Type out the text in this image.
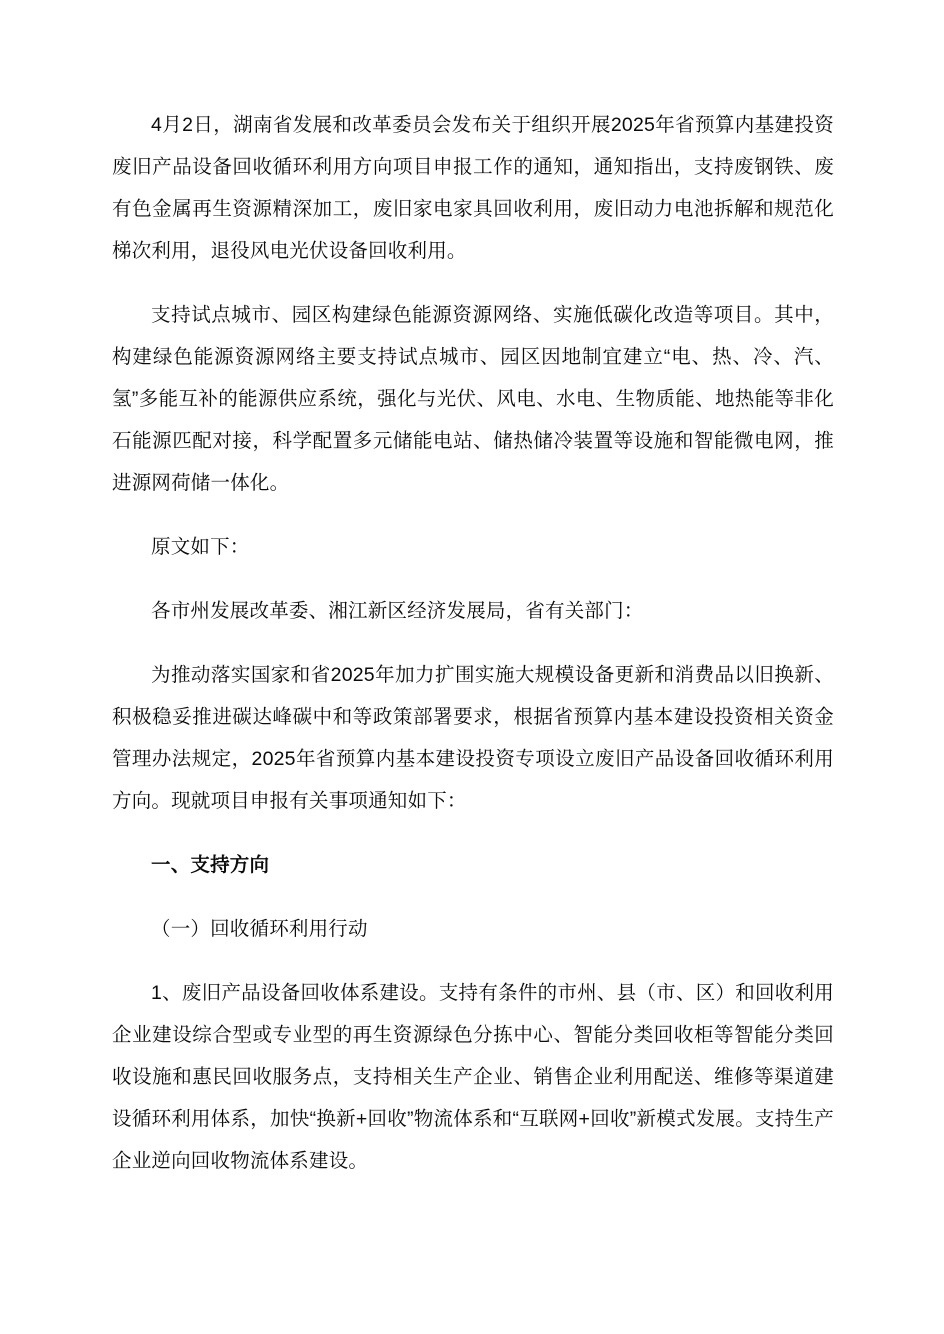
4月2日，湖南省发展和改革委员会发布关于组织开展2025年省预算内基建投资废旧产品设备回收循环利用方向项目申报工作的通知，通知指出，支持废钢铁、废有色金属再生资源精深加工，废旧家电家具回收利用，废旧动力电池拆解和规范化梯次利用，退役风电光伏设备回收利用。

支持试点城市、园区构建绿色能源资源网络、实施低碳化改造等项目。其中，构建绿色能源资源网络主要支持试点城市、园区因地制宜建立“电、热、冷、汽、氢”多能互补的能源供应系统，强化与光伏、风电、水电、生物质能、地热能等非化石能源匹配对接，科学配置多元储能电站、储热储冷装置等设施和智能微电网，推进源网荷储一体化。

原文如下：

各市州发展改革委、湘江新区经济发展局，省有关部门：

为推动落实国家和省2025年加力扩围实施大规模设备更新和消费品以旧换新、积极稳妥推进碳达峰碳中和等政策部署要求，根据省预算内基本建设投资相关资金管理办法规定，2025年省预算内基本建设投资专项设立废旧产品设备回收循环利用方向。现就项目申报有关事项通知如下：

一、支持方向

（一）回收循环利用行动

1、废旧产品设备回收体系建设。支持有条件的市州、县（市、区）和回收利用企业建设综合型或专业型的再生资源绿色分拣中心、智能分类回收柜等智能分类回收设施和惠民回收服务点，支持相关生产企业、销售企业利用配送、维修等渠道建设循环利用体系，加快“换新+回收”物流体系和“互联网+回收”新模式发展。支持生产企业逆向回收物流体系建设。
